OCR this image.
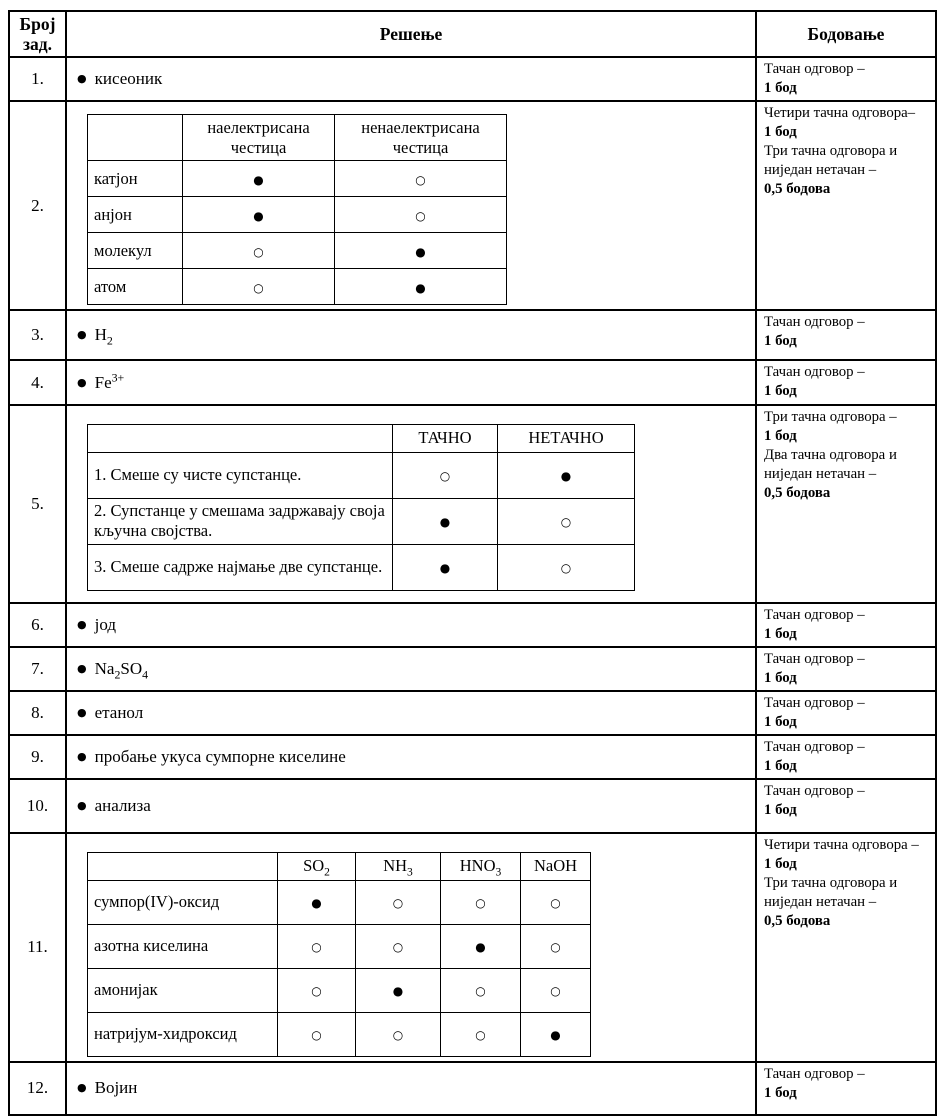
Број
зад.
	Решење	Бодовање
1.	● кисеоник	Тачан одговор –
1 бод

2.	
	наелектрисана честица	ненаелектрисана честица
катјон	●	○
анјон	●	○
молекул	○	●
атом	○	●

Четири тачна одговора–
1 бод
Три тачна одговора и ниједан нетачан –
0,5 бодова

3.	● $H_2$	
Тачан одговор –
1 бод

4.	● $Fe^{3+}$	Тачан одговор –
1 бод

5.	
	ТАЧНО	НЕТАЧНО
1. Смеше су чисте супстанце.	○	●
2. Супстанце у смешама задржавају своја кључна својства.	●	○
3. Смеше садрже најмање две супстанце.	●	○

Три тачна одговора –
1 бод
Два тачна одговора и ниједан нетачан –
0,5 бодова

6.	● јод	Тачан одговор –
1 бод

7.	● $Na_2SO_4$	
Тачан одговор –
1 бод

8.	● етанол	Тачан одговор –
1 бод

9.	● пробање укуса сумпорне киселине	Тачан одговор –
1 бод

10.	● анализа	
Тачан одговор –
1 бод

11.	
	$SO_2$	$NH_3$	$HNO_3$	NaOH
сумпор(IV)-оксид	●	○	○	○
азотна киселина	○	○	●	○
амонијак	○	●	○	○
натријум-хидроксид	○	○	○	●

Четири тачна одговора –
1 бод
Три тачна одговора и ниједан нетачан –
0,5 бодова

12.	● Војин	
Тачан одговор –
1 бод
